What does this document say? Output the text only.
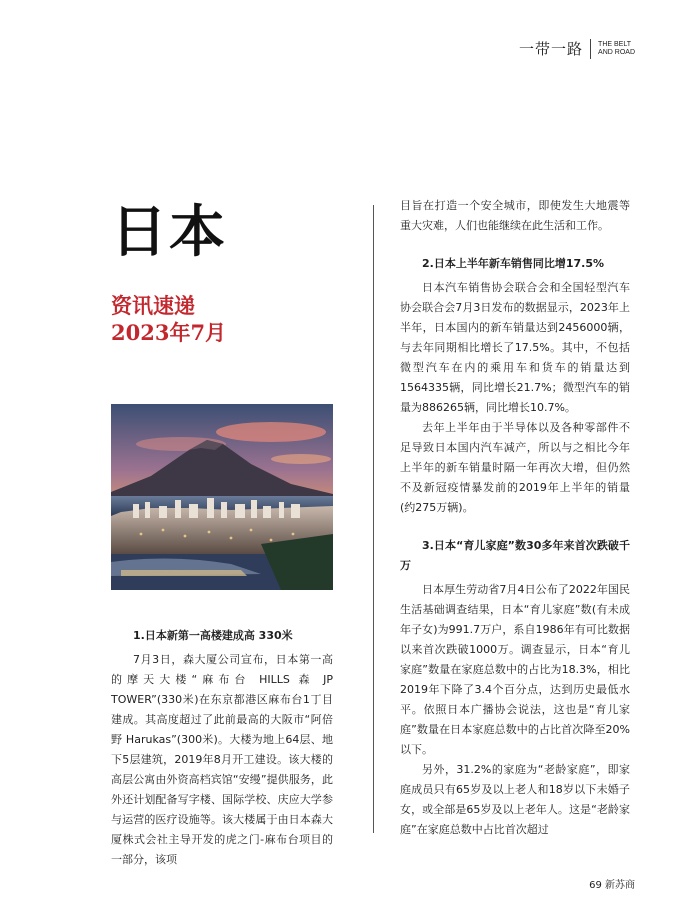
一带一路 THE BELT
AND ROAD
日本
资讯速递
2023年7月

1.日本新第一高楼建成高 330米

7月3日，森大厦公司宣布，日本第一高的摩天大楼“麻布台 HILLS 森 JP TOWER”(330米)在东京都港区麻布台1丁目建成。其高度超过了此前最高的大阪市“阿倍野 Harukas”(300米)。大楼为地上64层、地下5层建筑，2019年8月开工建设。该大楼的高层公寓由外资高档宾馆“安缦”提供服务，此外还计划配备写字楼、国际学校、庆应大学参与运营的医疗设施等。该大楼属于由日本森大厦株式会社主导开发的虎之门-麻布台项目的一部分，该项

目旨在打造一个安全城市，即使发生大地震等重大灾难，人们也能继续在此生活和工作。

2.日本上半年新车销售同比增17.5%

日本汽车销售协会联合会和全国轻型汽车协会联合会7月3日发布的数据显示，2023年上半年，日本国内的新车销量达到2456000辆，与去年同期相比增长了17.5%。其中，不包括微型汽车在内的乘用车和货车的销量达到1564335辆，同比增长21.7%；微型汽车的销量为886265辆，同比增长10.7%。

去年上半年由于半导体以及各种零部件不足导致日本国内汽车减产，所以与之相比今年上半年的新车销量时隔一年再次大增，但仍然不及新冠疫情暴发前的2019年上半年的销量(约275万辆)。

3.日本“育儿家庭”数30多年来首次跌破千万

日本厚生劳动省7月4日公布了2022年国民生活基础调查结果，日本“育儿家庭”数(有未成年子女)为991.7万户，系自1986年有可比数据以来首次跌破1000万。调查显示，日本“育儿家庭”数量在家庭总数中的占比为18.3%，相比2019年下降了3.4个百分点，达到历史最低水平。依照日本广播协会说法，这也是“育儿家庭”数量在日本家庭总数中的占比首次降至20%以下。

另外，31.2%的家庭为“老龄家庭”，即家庭成员只有65岁及以上老人和18岁以下未婚子女，或全部是65岁及以上老年人。这是“老龄家庭”在家庭总数中占比首次超过

69 新苏商
